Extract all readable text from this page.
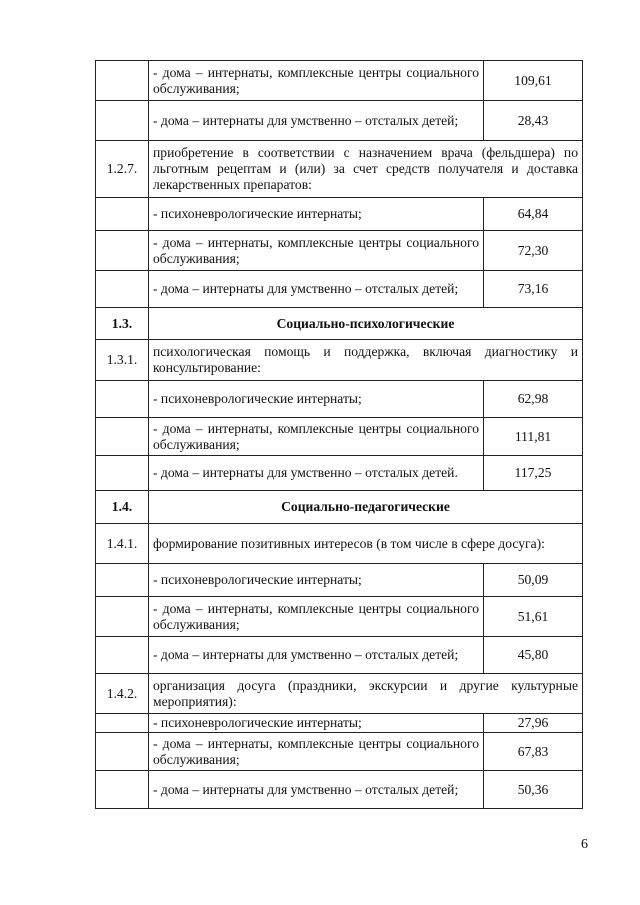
	- дома – интернаты, комплексные центры социального обслуживания;	109,61
	- дома – интернаты для умственно – отсталых детей;	28,43
1.2.7.	приобретение в соответствии с назначением врача (фельдшера) по льготным рецептам и (или) за счет средств получателя и доставка лекарственных препаратов:	
	- психоневрологические интернаты;	64,84
	- дома – интернаты, комплексные центры социального обслуживания;	72,30
	- дома – интернаты для умственно – отсталых детей;	73,16
1.3.	Социально-психологические	
1.3.1.	психологическая помощь и поддержка, включая диагностику и консультирование:	
	- психоневрологические интернаты;	62,98
	- дома – интернаты, комплексные центры социального обслуживания;	111,81
	- дома – интернаты для умственно – отсталых детей.	117,25
1.4.	Социально-педагогические	
1.4.1.	формирование позитивных интересов (в том числе в сфере досуга):	
	- психоневрологические интернаты;	50,09
	- дома – интернаты, комплексные центры социального обслуживания;	51,61
	- дома – интернаты для умственно – отсталых детей;	45,80
1.4.2.	организация досуга (праздники, экскурсии и другие культурные мероприятия):	
	- психоневрологические интернаты;	27,96
	- дома – интернаты, комплексные центры социального обслуживания;	67,83
	- дома – интернаты для умственно – отсталых детей;	50,36
6
